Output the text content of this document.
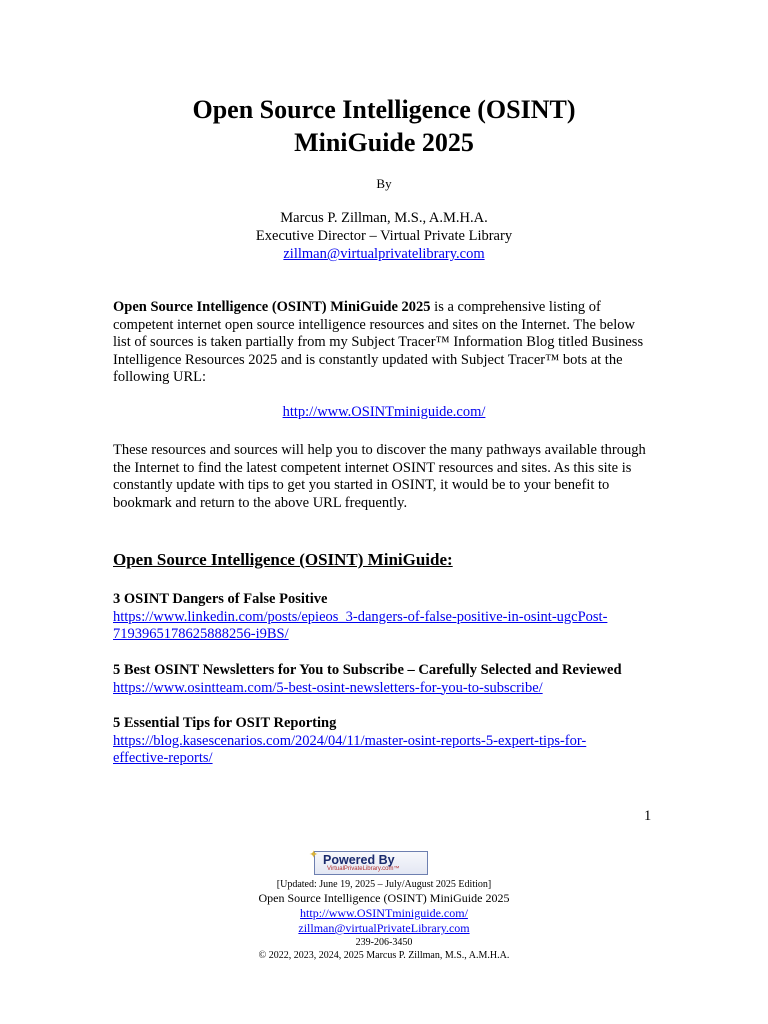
Open Source Intelligence (OSINT)
MiniGuide 2025
By
Marcus P. Zillman, M.S., A.M.H.A.
Executive Director – Virtual Private Library
zillman@virtualprivatelibrary.com
Open Source Intelligence (OSINT) MiniGuide 2025 is a comprehensive listing of competent internet open source intelligence resources and sites on the Internet. The below list of sources is taken partially from my Subject Tracer™ Information Blog titled Business Intelligence Resources 2025 and is constantly updated with Subject Tracer™ bots at the following URL:
http://www.OSINTminiguide.com/
These resources and sources will help you to discover the many pathways available through the Internet to find the latest competent internet OSINT resources and sites. As this site is constantly update with tips to get you started in OSINT, it would be to your benefit to bookmark and return to the above URL frequently.
Open Source Intelligence (OSINT) MiniGuide:
3 OSINT Dangers of False Positive
https://www.linkedin.com/posts/epieos_3-dangers-of-false-positive-in-osint-ugcPost-
7193965178625888256-i9BS/
5 Best OSINT Newsletters for You to Subscribe – Carefully Selected and Reviewed
https://www.osintteam.com/5-best-osint-newsletters-for-you-to-subscribe/
5 Essential Tips for OSIT Reporting
https://blog.kasescenarios.com/2024/04/11/master-osint-reports-5-expert-tips-for-
effective-reports/
1
✦ Powered By
VirtualPrivateLibrary.com™
[Updated: June 19, 2025 – July/August 2025 Edition]
Open Source Intelligence (OSINT) MiniGuide 2025
http://www.OSINTminiguide.com/
zillman@virtualPrivateLibrary.com
239-206-3450
© 2022, 2023, 2024, 2025 Marcus P. Zillman, M.S., A.M.H.A.
